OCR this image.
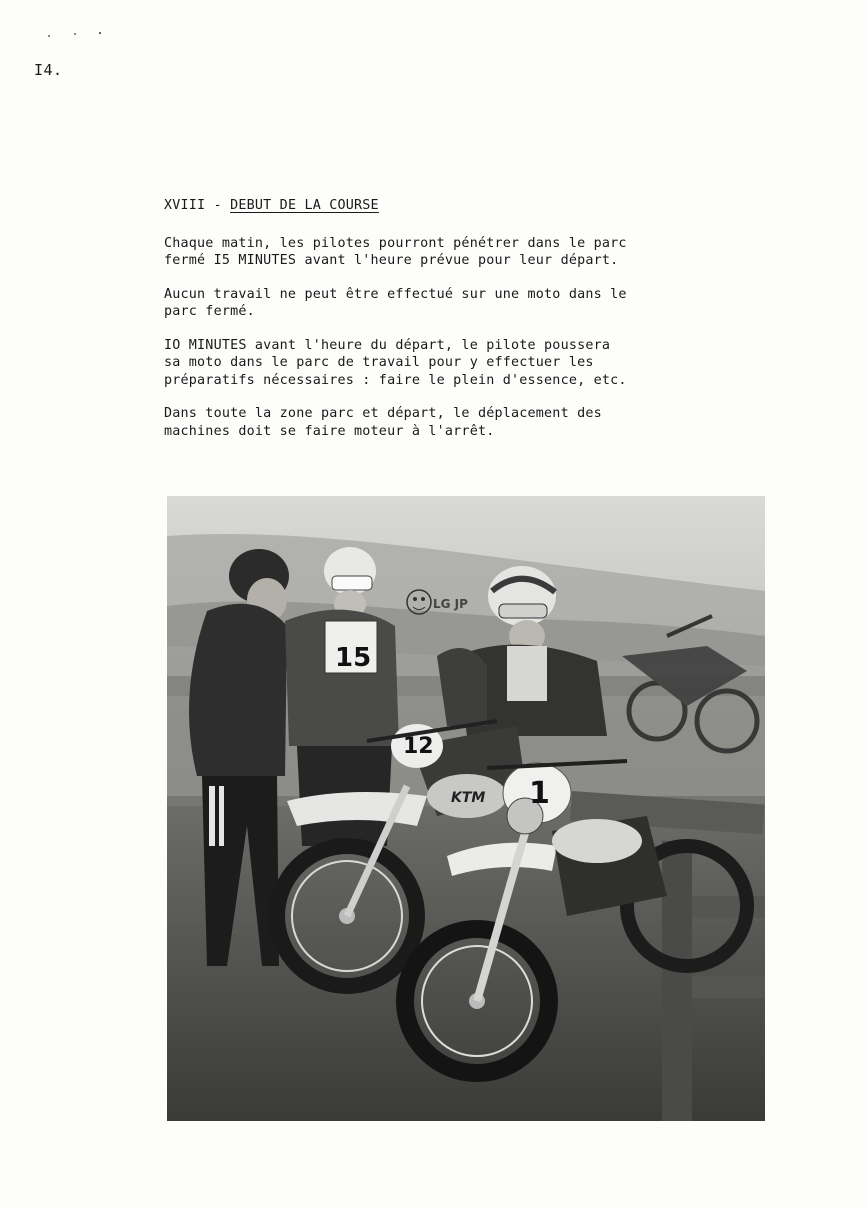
I4.
XVIII - DEBUT DE LA COURSE

Chaque matin, les pilotes pourront pénétrer dans le parc
fermé I5 MINUTES avant l'heure prévue pour leur départ.

Aucun travail ne peut être effectué sur une moto dans le
parc fermé.

IO MINUTES avant l'heure du départ, le pilote poussera
sa moto dans le parc de travail pour y effectuer les
préparatifs nécessaires : faire le plein d'essence, etc.

Dans toute la zone parc et départ, le déplacement des
machines doit se faire moteur à l'arrêt.

15
12
KTM 1
LG JP
